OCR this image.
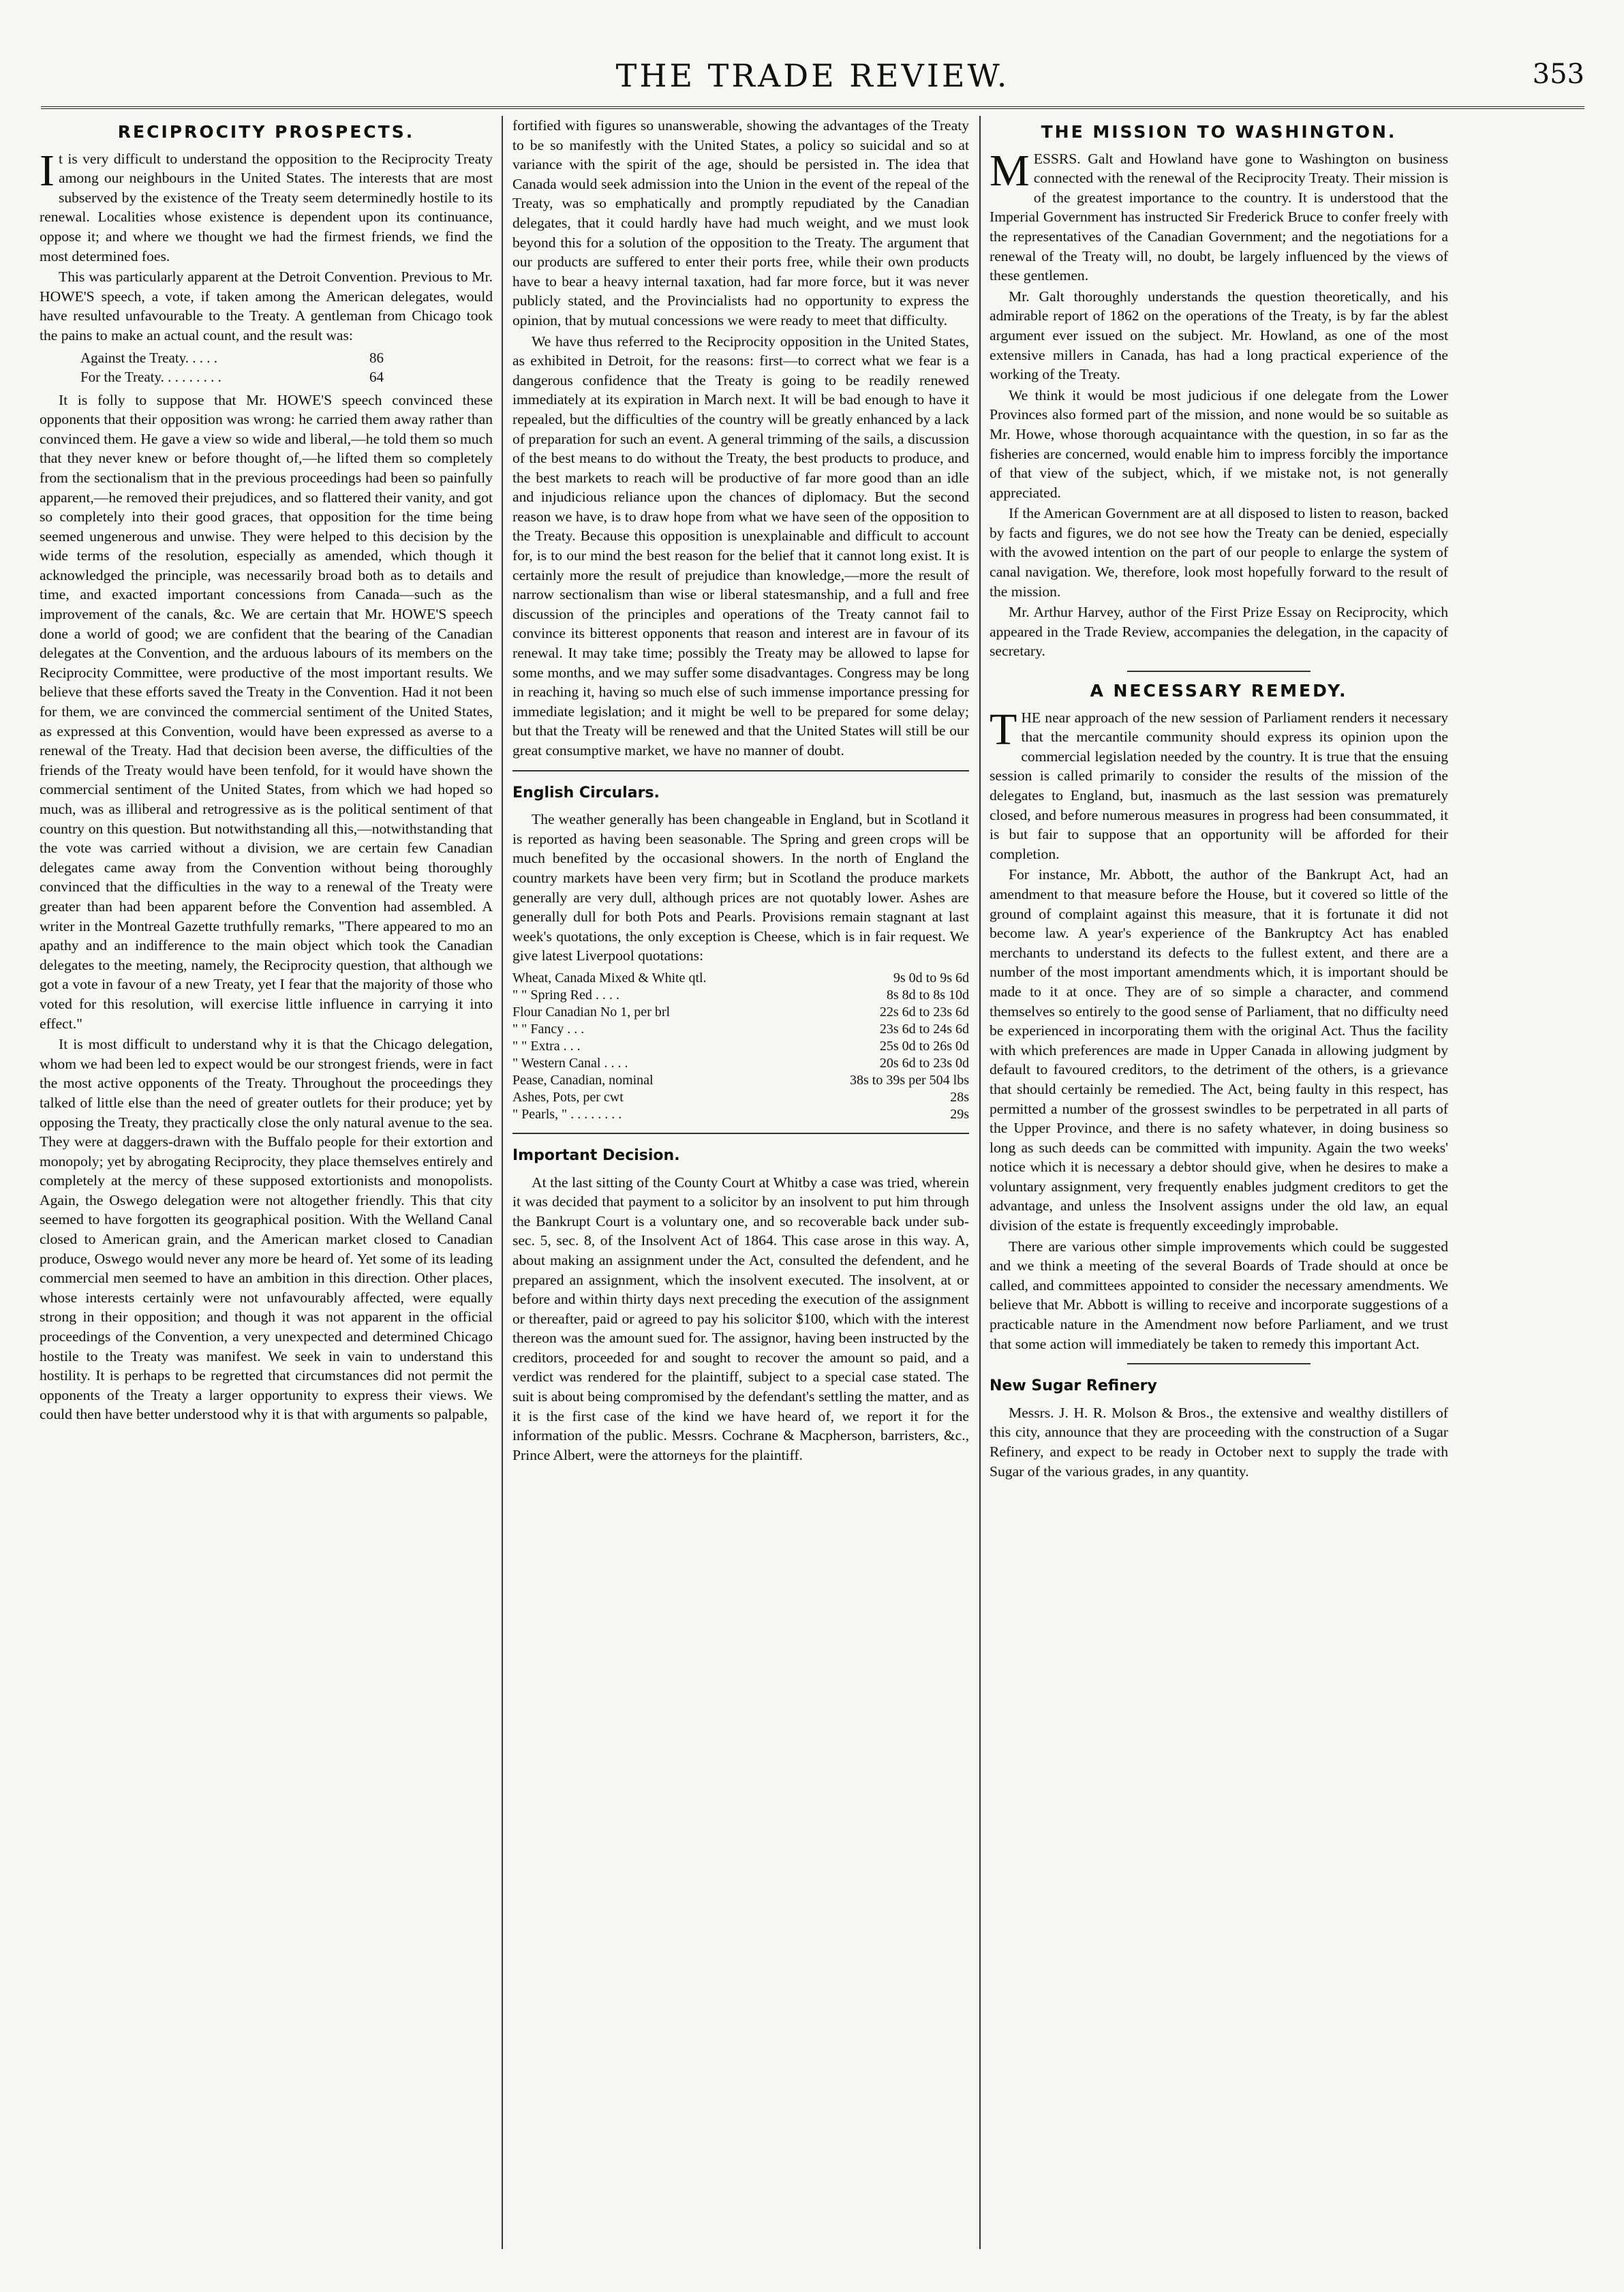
THE TRADE REVIEW.	353
RECIPROCITY PROSPECTS.

It is very difficult to understand the opposition to the Reciprocity Treaty among our neighbours in the United States. The interests that are most subserved by the existence of the Treaty seem determinedly hostile to its renewal. Localities whose existence is dependent upon its continuance, oppose it; and where we thought we had the firmest friends, we find the most determined foes.

This was particularly apparent at the Detroit Convention. Previous to Mr. HOWE'S speech, a vote, if taken among the American delegates, would have resulted unfavourable to the Treaty. A gentleman from Chicago took the pains to make an actual count, and the result was:

Against the Treaty. . . . .	86
For the Treaty. . . . . . . . .	64

It is folly to suppose that Mr. HOWE'S speech convinced these opponents that their opposition was wrong: he carried them away rather than convinced them. He gave a view so wide and liberal,—he told them so much that they never knew or before thought of,—he lifted them so completely from the sectionalism that in the previous proceedings had been so painfully apparent,—he removed their prejudices, and so flattered their vanity, and got so completely into their good graces, that opposition for the time being seemed ungenerous and unwise. They were helped to this decision by the wide terms of the resolution, especially as amended, which though it acknowledged the principle, was necessarily broad both as to details and time, and exacted important concessions from Canada—such as the improvement of the canals, &c. We are certain that Mr. HOWE'S speech done a world of good; we are confident that the bearing of the Canadian delegates at the Convention, and the arduous labours of its members on the Reciprocity Committee, were productive of the most important results. We believe that these efforts saved the Treaty in the Convention. Had it not been for them, we are convinced the commercial sentiment of the United States, as expressed at this Convention, would have been expressed as averse to a renewal of the Treaty. Had that decision been averse, the difficulties of the friends of the Treaty would have been tenfold, for it would have shown the commercial sentiment of the United States, from which we had hoped so much, was as illiberal and retrogressive as is the political sentiment of that country on this question. But notwithstanding all this,—notwithstanding that the vote was carried without a division, we are certain few Canadian delegates came away from the Convention without being thoroughly convinced that the difficulties in the way to a renewal of the Treaty were greater than had been apparent before the Convention had assembled. A writer in the Montreal Gazette truthfully remarks, "There appeared to mo an apathy and an indifference to the main object which took the Canadian delegates to the meeting, namely, the Reciprocity question, that although we got a vote in favour of a new Treaty, yet I fear that the majority of those who voted for this resolution, will exercise little influence in carrying it into effect."

It is most difficult to understand why it is that the Chicago delegation, whom we had been led to expect would be our strongest friends, were in fact the most active opponents of the Treaty. Throughout the proceedings they talked of little else than the need of greater outlets for their produce; yet by opposing the Treaty, they practically close the only natural avenue to the sea. They were at daggers-drawn with the Buffalo people for their extortion and monopoly; yet by abrogating Reciprocity, they place themselves entirely and completely at the mercy of these supposed extortionists and monopolists. Again, the Oswego delegation were not altogether friendly. This that city seemed to have forgotten its geographical position. With the Welland Canal closed to American grain, and the American market closed to Canadian produce, Oswego would never any more be heard of. Yet some of its leading commercial men seemed to have an ambition in this direction. Other places, whose interests certainly were not unfavourably affected, were equally strong in their opposition; and though it was not apparent in the official proceedings of the Convention, a very unexpected and determined Chicago hostile to the Treaty was manifest. We seek in vain to understand this hostility. It is perhaps to be regretted that circumstances did not permit the opponents of the Treaty a larger opportunity to express their views. We could then have better understood why it is that with arguments so palpable,

fortified with figures so unanswerable, showing the advantages of the Treaty to be so manifestly with the United States, a policy so suicidal and so at variance with the spirit of the age, should be persisted in. The idea that Canada would seek admission into the Union in the event of the repeal of the Treaty, was so emphatically and promptly repudiated by the Canadian delegates, that it could hardly have had much weight, and we must look beyond this for a solution of the opposition to the Treaty. The argument that our products are suffered to enter their ports free, while their own products have to bear a heavy internal taxation, had far more force, but it was never publicly stated, and the Provincialists had no opportunity to express the opinion, that by mutual concessions we were ready to meet that difficulty.

We have thus referred to the Reciprocity opposition in the United States, as exhibited in Detroit, for the reasons: first—to correct what we fear is a dangerous confidence that the Treaty is going to be readily renewed immediately at its expiration in March next. It will be bad enough to have it repealed, but the difficulties of the country will be greatly enhanced by a lack of preparation for such an event. A general trimming of the sails, a discussion of the best means to do without the Treaty, the best products to produce, and the best markets to reach will be productive of far more good than an idle and injudicious reliance upon the chances of diplomacy. But the second reason we have, is to draw hope from what we have seen of the opposition to the Treaty. Because this opposition is unexplainable and difficult to account for, is to our mind the best reason for the belief that it cannot long exist. It is certainly more the result of prejudice than knowledge,—more the result of narrow sectionalism than wise or liberal statesmanship, and a full and free discussion of the principles and operations of the Treaty cannot fail to convince its bitterest opponents that reason and interest are in favour of its renewal. It may take time; possibly the Treaty may be allowed to lapse for some months, and we may suffer some disadvantages. Congress may be long in reaching it, having so much else of such immense importance pressing for immediate legislation; and it might be well to be prepared for some delay; but that the Treaty will be renewed and that the United States will still be our great consumptive market, we have no manner of doubt.

English Circulars.

The weather generally has been changeable in England, but in Scotland it is reported as having been seasonable. The Spring and green crops will be much benefited by the occasional showers. In the north of England the country markets have been very firm; but in Scotland the produce markets generally are very dull, although prices are not quotably lower. Ashes are generally dull for both Pots and Pearls. Provisions remain stagnant at last week's quotations, the only exception is Cheese, which is in fair request. We give latest Liverpool quotations:

Wheat, Canada Mixed & White qtl.	9s 0d to 9s 6d
" " Spring Red . . . .	8s 8d to 8s 10d
Flour Canadian No 1, per brl	22s 6d to 23s 6d
" " Fancy . . .	23s 6d to 24s 6d
" " Extra . . .	25s 0d to 26s 0d
" Western Canal . . . .	20s 6d to 23s 0d
Pease, Canadian, nominal	38s to 39s per 504 lbs
Ashes, Pots, per cwt	28s
" Pearls, " . . . . . . . .	29s
Important Decision.

At the last sitting of the County Court at Whitby a case was tried, wherein it was decided that payment to a solicitor by an insolvent to put him through the Bankrupt Court is a voluntary one, and so recoverable back under sub-sec. 5, sec. 8, of the Insolvent Act of 1864. This case arose in this way. A, about making an assignment under the Act, consulted the defendent, and he prepared an assignment, which the insolvent executed. The insolvent, at or before and within thirty days next preceding the execution of the assignment or thereafter, paid or agreed to pay his solicitor $100, which with the interest thereon was the amount sued for. The assignor, having been instructed by the creditors, proceeded for and sought to recover the amount so paid, and a verdict was rendered for the plaintiff, subject to a special case stated. The suit is about being compromised by the defendant's settling the matter, and as it is the first case of the kind we have heard of, we report it for the information of the public. Messrs. Cochrane & Macpherson, barristers, &c., Prince Albert, were the attorneys for the plaintiff.

THE MISSION TO WASHINGTON.

MESSRS. Galt and Howland have gone to Washington on business connected with the renewal of the Reciprocity Treaty. Their mission is of the greatest importance to the country. It is understood that the Imperial Government has instructed Sir Frederick Bruce to confer freely with the representatives of the Canadian Government; and the negotiations for a renewal of the Treaty will, no doubt, be largely influenced by the views of these gentlemen.

Mr. Galt thoroughly understands the question theoretically, and his admirable report of 1862 on the operations of the Treaty, is by far the ablest argument ever issued on the subject. Mr. Howland, as one of the most extensive millers in Canada, has had a long practical experience of the working of the Treaty.

We think it would be most judicious if one delegate from the Lower Provinces also formed part of the mission, and none would be so suitable as Mr. Howe, whose thorough acquaintance with the question, in so far as the fisheries are concerned, would enable him to impress forcibly the importance of that view of the subject, which, if we mistake not, is not generally appreciated.

If the American Government are at all disposed to listen to reason, backed by facts and figures, we do not see how the Treaty can be denied, especially with the avowed intention on the part of our people to enlarge the system of canal navigation. We, therefore, look most hopefully forward to the result of the mission.

Mr. Arthur Harvey, author of the First Prize Essay on Reciprocity, which appeared in the Trade Review, accompanies the delegation, in the capacity of secretary.

A NECESSARY REMEDY.

THE near approach of the new session of Parliament renders it necessary that the mercantile community should express its opinion upon the commercial legislation needed by the country. It is true that the ensuing session is called primarily to consider the results of the mission of the delegates to England, but, inasmuch as the last session was prematurely closed, and before numerous measures in progress had been consummated, it is but fair to suppose that an opportunity will be afforded for their completion.

For instance, Mr. Abbott, the author of the Bankrupt Act, had an amendment to that measure before the House, but it covered so little of the ground of complaint against this measure, that it is fortunate it did not become law. A year's experience of the Bankruptcy Act has enabled merchants to understand its defects to the fullest extent, and there are a number of the most important amendments which, it is important should be made to it at once. They are of so simple a character, and commend themselves so entirely to the good sense of Parliament, that no difficulty need be experienced in incorporating them with the original Act. Thus the facility with which preferences are made in Upper Canada in allowing judgment by default to favoured creditors, to the detriment of the others, is a grievance that should certainly be remedied. The Act, being faulty in this respect, has permitted a number of the grossest swindles to be perpetrated in all parts of the Upper Province, and there is no safety whatever, in doing business so long as such deeds can be committed with impunity. Again the two weeks' notice which it is necessary a debtor should give, when he desires to make a voluntary assignment, very frequently enables judgment creditors to get the advantage, and unless the Insolvent assigns under the old law, an equal division of the estate is frequently exceedingly improbable.

There are various other simple improvements which could be suggested and we think a meeting of the several Boards of Trade should at once be called, and committees appointed to consider the necessary amendments. We believe that Mr. Abbott is willing to receive and incorporate suggestions of a practicable nature in the Amendment now before Parliament, and we trust that some action will immediately be taken to remedy this important Act.

New Sugar Refinery

Messrs. J. H. R. Molson & Bros., the extensive and wealthy distillers of this city, announce that they are proceeding with the construction of a Sugar Refinery, and expect to be ready in October next to supply the trade with Sugar of the various grades, in any quantity.
